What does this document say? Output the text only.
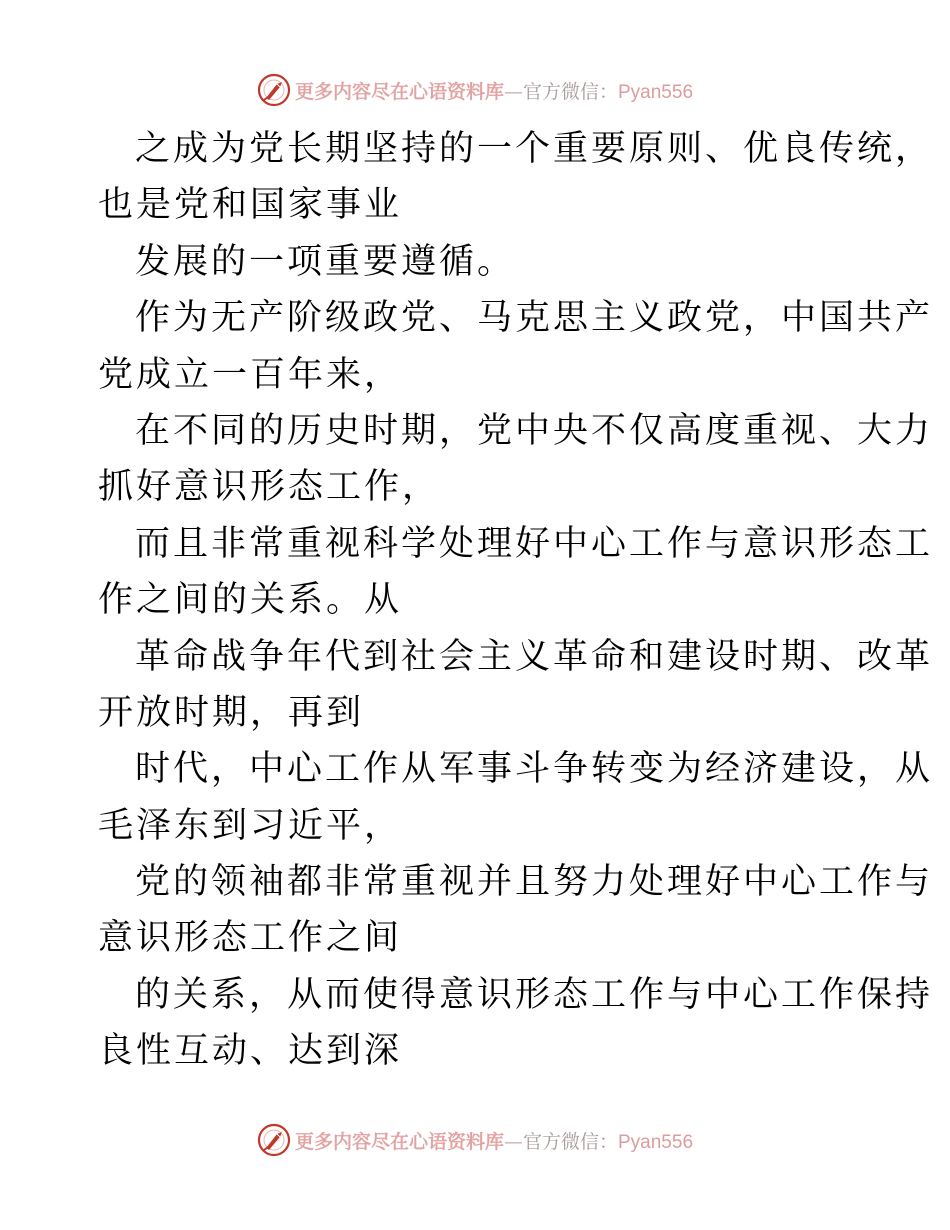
更多内容尽在心语资料库—官方微信：Pyan556
之成为党长期坚持的一个重要原则、优良传统，
也是党和国家事业
发展的一项重要遵循。
作为无产阶级政党、马克思主义政党，中国共产
党成立一百年来，
在不同的历史时期，党中央不仅高度重视、大力
抓好意识形态工作，
而且非常重视科学处理好中心工作与意识形态工
作之间的关系。从
革命战争年代到社会主义革命和建设时期、改革
开放时期，再到
时代，中心工作从军事斗争转变为经济建设，从
毛泽东到习近平，
党的领袖都非常重视并且努力处理好中心工作与
意识形态工作之间
的关系，从而使得意识形态工作与中心工作保持
良性互动、达到深
更多内容尽在心语资料库—官方微信：Pyan556
